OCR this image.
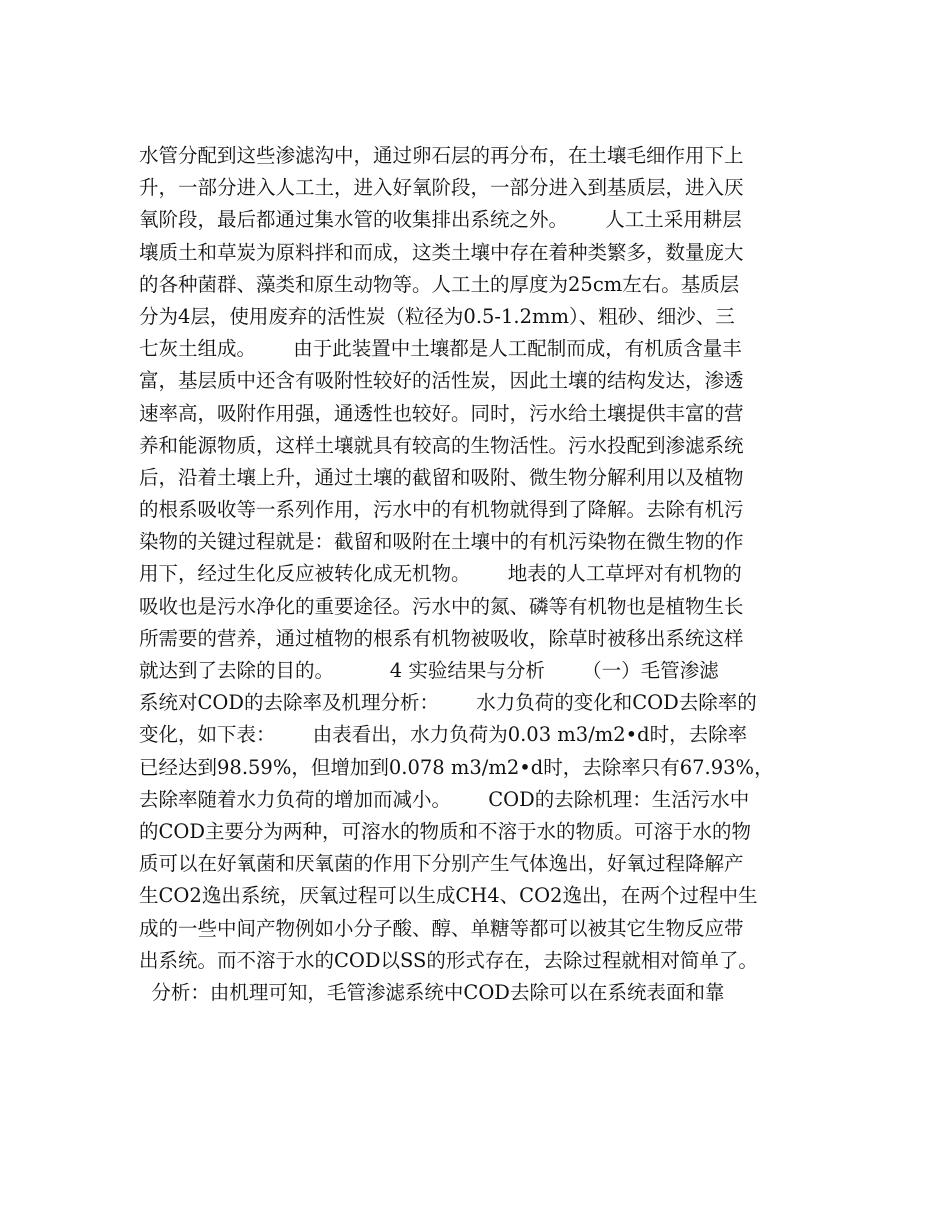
水管分配到这些渗滤沟中，通过卵石层的再分布，在土壤毛细作用下上
升，一部分进入人工土，进入好氧阶段，一部分进入到基质层，进入厌
氧阶段，最后都通过集水管的收集排出系统之外。      人工土采用耕层
壤质土和草炭为原料拌和而成，这类土壤中存在着种类繁多，数量庞大
的各种菌群、藻类和原生动物等。人工土的厚度为25cm左右。基质层
分为4层，使用废弃的活性炭（粒径为0.5-1.2mm）、粗砂、细沙、三
七灰土组成。      由于此装置中土壤都是人工配制而成，有机质含量丰
富，基层质中还含有吸附性较好的活性炭，因此土壤的结构发达，渗透
速率高，吸附作用强，通透性也较好。同时，污水给土壤提供丰富的营
养和能源物质，这样土壤就具有较高的生物活性。污水投配到渗滤系统
后，沿着土壤上升，通过土壤的截留和吸附、微生物分解利用以及植物
的根系吸收等一系列作用，污水中的有机物就得到了降解。去除有机污
染物的关键过程就是：截留和吸附在土壤中的有机污染物在微生物的作
用下，经过生化反应被转化成无机物。      地表的人工草坪对有机物的
吸收也是污水净化的重要途径。污水中的氮、磷等有机物也是植物生长
所需要的营养，通过植物的根系有机物被吸收，除草时被移出系统这样
就达到了去除的目的。         4 实验结果与分析      （一）毛管渗滤
系统对COD的去除率及机理分析：      水力负荷的变化和COD去除率的
变化，如下表：      由表看出，水力负荷为0.03 m3/m2•d时，去除率
已经达到98.59%，但增加到0.078 m3/m2•d时，去除率只有67.93%，
去除率随着水力负荷的增加而减小。      COD的去除机理：生活污水中
的COD主要分为两种，可溶水的物质和不溶于水的物质。可溶于水的物
质可以在好氧菌和厌氧菌的作用下分别产生气体逸出，好氧过程降解产
生CO2逸出系统，厌氧过程可以生成CH4、CO2逸出，在两个过程中生
成的一些中间产物例如小分子酸、醇、单糖等都可以被其它生物反应带
出系统。而不溶于水的COD以SS的形式存在，去除过程就相对简单了。
分析：由机理可知，毛管渗滤系统中COD去除可以在系统表面和靠
